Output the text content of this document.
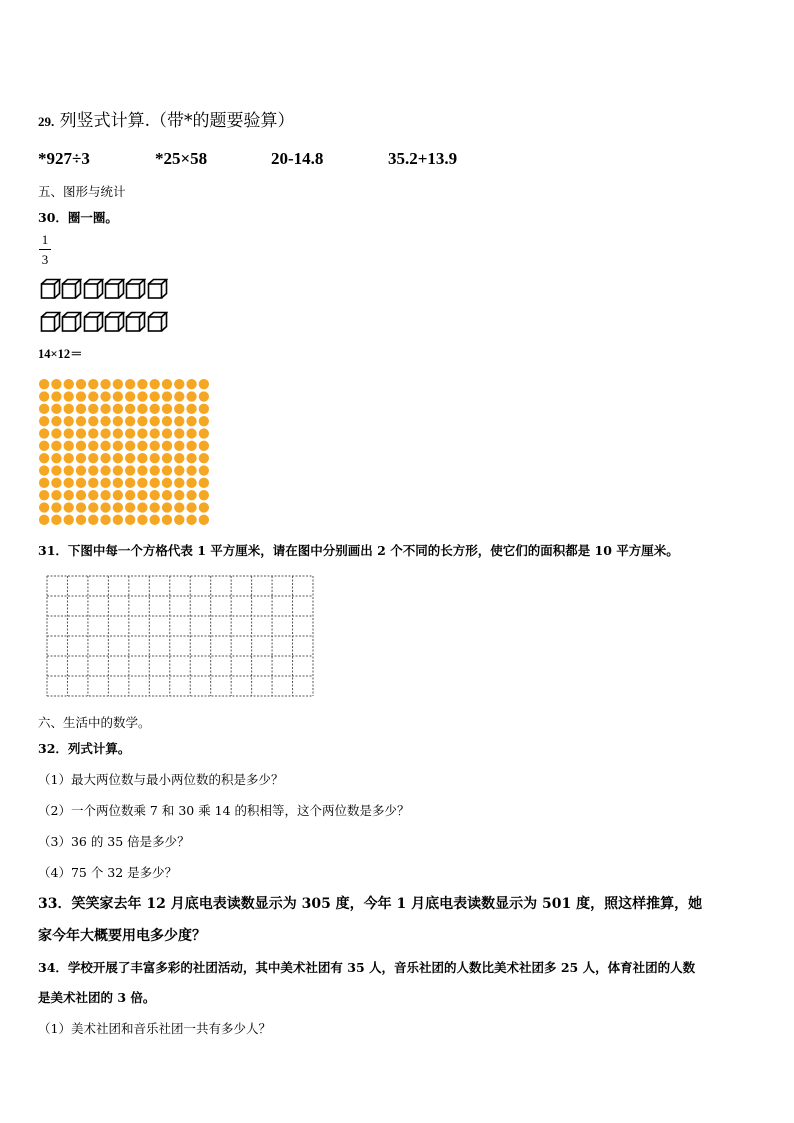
29. 列竖式计算.（带*的题要验算）
*927÷3	*25×58	20-14.8	35.2+13.9
五、图形与统计
30．圈一圈。
1
3
14×12＝
31．下图中每一个方格代表 1 平方厘米，请在图中分别画出 2 个不同的长方形，使它们的面积都是 10 平方厘米。
六、生活中的数学。
32．列式计算。
（1）最大两位数与最小两位数的积是多少？
（2）一个两位数乘 7 和 30 乘 14 的积相等，这个两位数是多少？
（3）36 的 35 倍是多少？
（4）75 个 32 是多少？
33．笑笑家去年 12 月底电表读数显示为 305 度，今年 1 月底电表读数显示为 501 度，照这样推算，她
家今年大概要用电多少度？
34．学校开展了丰富多彩的社团活动，其中美术社团有 35 人，音乐社团的人数比美术社团多 25 人，体育社团的人数
是美术社团的 3 倍。
（1）美术社团和音乐社团一共有多少人？
